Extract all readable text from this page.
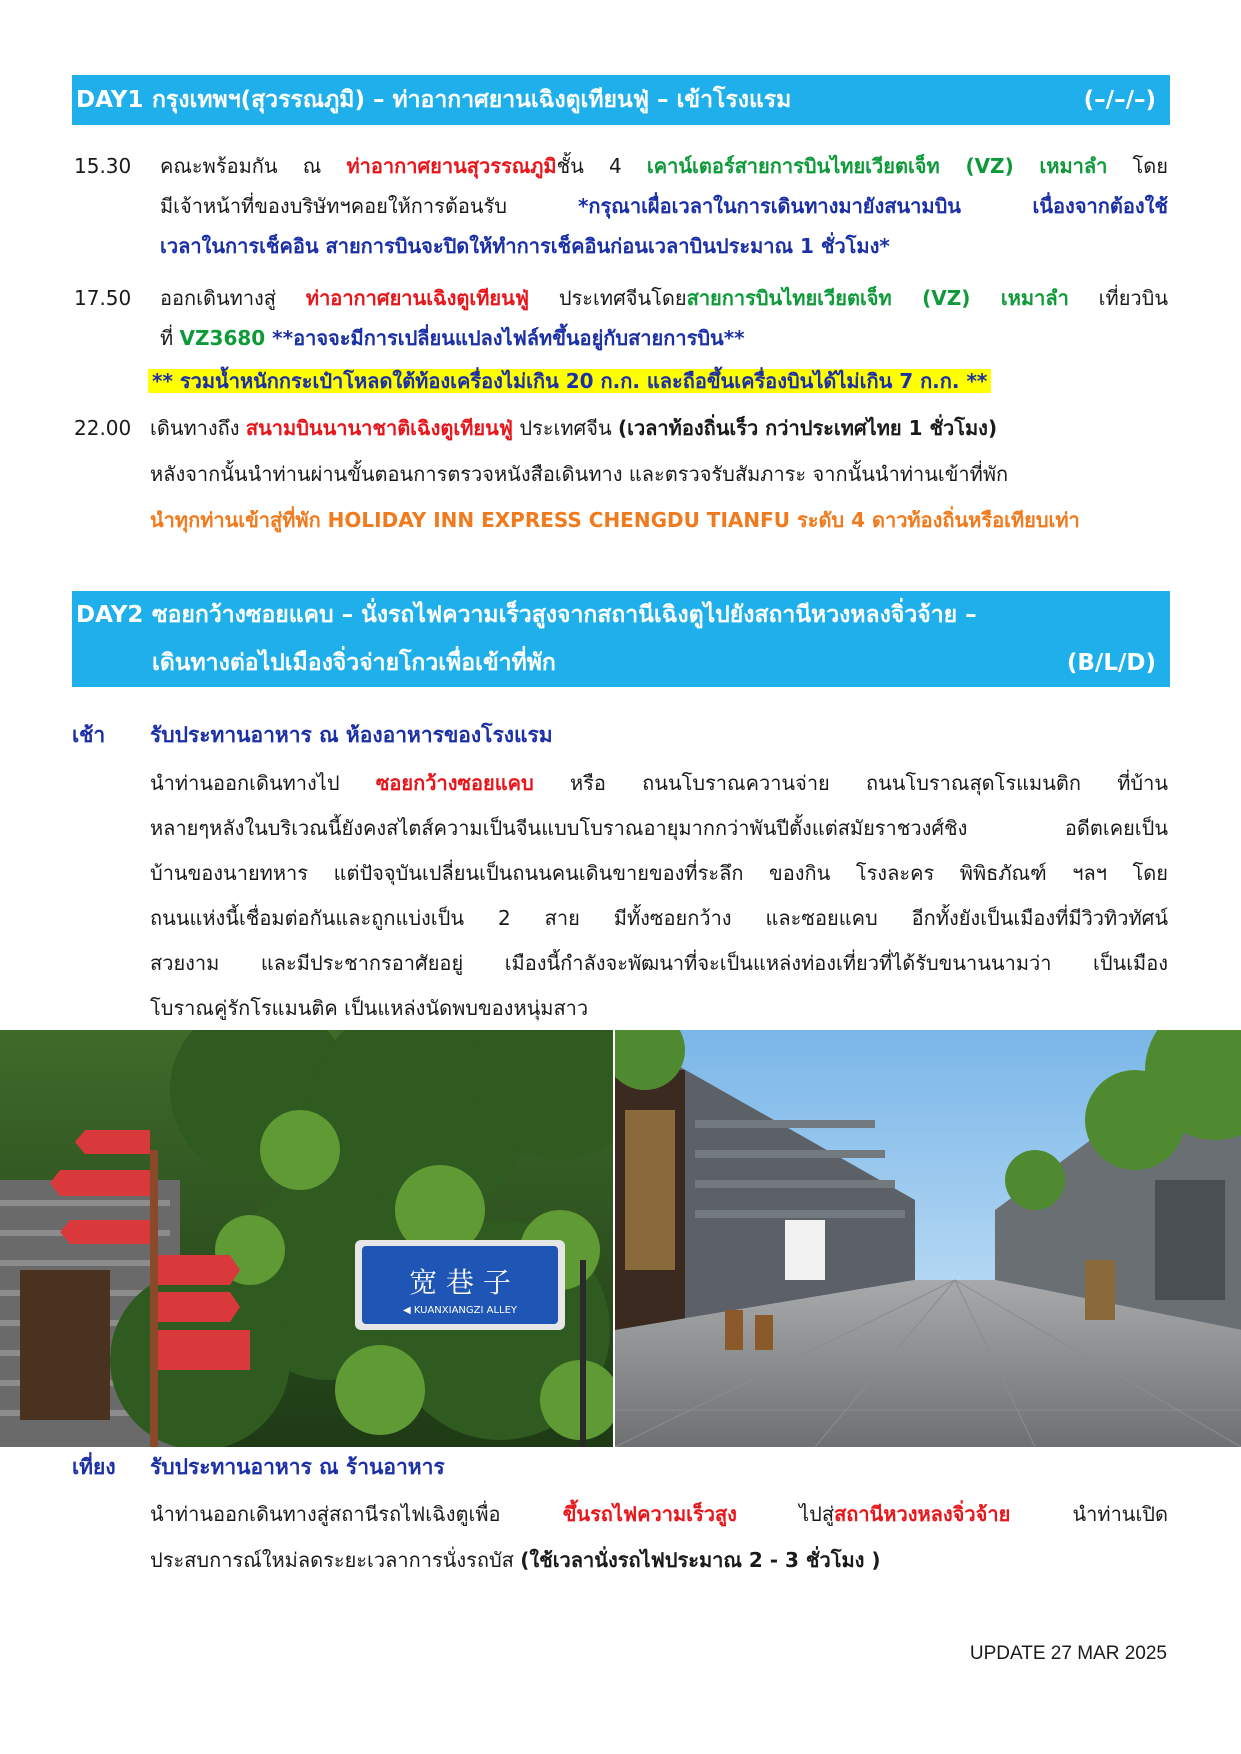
DAY1 กรุงเทพฯ(สุวรรณภูมิ) – ท่าอากาศยานเฉิงตูเทียนฟู่ – เข้าโรงแรม	(–/–/–)
15.30 คณะพร้อมกัน ณ ท่าอากาศยานสุวรรณภูมิชั้น 4 เคาน์เตอร์สายการบินไทยเวียตเจ็ท (VZ) เหมาลำ โดย
มีเจ้าหน้าที่ของบริษัทฯคอยให้การต้อนรับ *กรุณาเผื่อเวลาในการเดินทางมายังสนามบิน เนื่องจากต้องใช้
เวลาในการเช็คอิน สายการบินจะปิดให้ทำการเช็คอินก่อนเวลาบินประมาณ 1 ชั่วโมง*
17.50 ออกเดินทางสู่ ท่าอากาศยานเฉิงตูเทียนฟู่ ประเทศจีนโดยสายการบินไทยเวียตเจ็ท (VZ) เหมาลำ เที่ยวบิน
ที่ VZ3680 **อาจจะมีการเปลี่ยนแปลงไฟล์ทขึ้นอยู่กับสายการบิน**
** รวมน้ำหนักกระเป๋าโหลดใต้ท้องเครื่องไม่เกิน 20 ก.ก. และถือขึ้นเครื่องบินได้ไม่เกิน 7 ก.ก. **
22.00 เดินทางถึง สนามบินนานาชาติเฉิงตูเทียนฟู่ ประเทศจีน (เวลาท้องถิ่นเร็ว กว่าประเทศไทย 1 ชั่วโมง)
หลังจากนั้นนำท่านผ่านขั้นตอนการตรวจหนังสือเดินทาง และตรวจรับสัมภาระ จากนั้นนำท่านเข้าที่พัก
นำทุกท่านเข้าสู่ที่พัก HOLIDAY INN EXPRESS CHENGDU TIANFU ระดับ 4 ดาวท้องถิ่นหรือเทียบเท่า
DAY2 ซอยกว้างซอยแคบ – นั่งรถไฟความเร็วสูงจากสถานีเฉิงตูไปยังสถานีหวงหลงจิ่วจ้าย –
เดินทางต่อไปเมืองจิ่วจ่ายโกวเพื่อเข้าที่พัก	(B/L/D)
เช้า รับประทานอาหาร ณ ห้องอาหารของโรงแรม
นำท่านออกเดินทางไป ซอยกว้างซอยแคบ หรือ ถนนโบราณควานจ่าย ถนนโบราณสุดโรแมนติก ที่บ้าน
หลายๆหลังในบริเวณนี้ยังคงสไตส์ความเป็นจีนแบบโบราณอายุมากกว่าพันปีตั้งแต่สมัยราชวงศ์ชิง อดีตเคยเป็น
บ้านของนายทหาร แต่ปัจจุบันเปลี่ยนเป็นถนนคนเดินขายของที่ระลึก ของกิน โรงละคร พิพิธภัณฑ์ ฯลฯ โดย
ถนนแห่งนี้เชื่อมต่อกันและถูกแบ่งเป็น 2 สาย มีทั้งซอยกว้าง และซอยแคบ อีกทั้งยังเป็นเมืองที่มีวิวทิวทัศน์
สวยงาม และมีประชากรอาศัยอยู่ เมืองนี้กำลังจะพัฒนาที่จะเป็นแหล่งท่องเที่ยวที่ได้รับขนานนามว่า เป็นเมือง
โบราณคู่รักโรแมนติค เป็นแหล่งนัดพบของหนุ่มสาว
宽 巷 子
◀ KUANXIANGZI ALLEY
เที่ยง รับประทานอาหาร ณ ร้านอาหาร
นำท่านออกเดินทางสู่สถานีรถไฟเฉิงตูเพื่อ ขึ้นรถไฟความเร็วสูง ไปสู่สถานีหวงหลงจิ่วจ้าย นำท่านเปิด
ประสบการณ์ใหม่ลดระยะเวลาการนั่งรถบัส (ใช้เวลานั่งรถไฟประมาณ 2 - 3 ชั่วโมง )
UPDATE 27 MAR 2025
